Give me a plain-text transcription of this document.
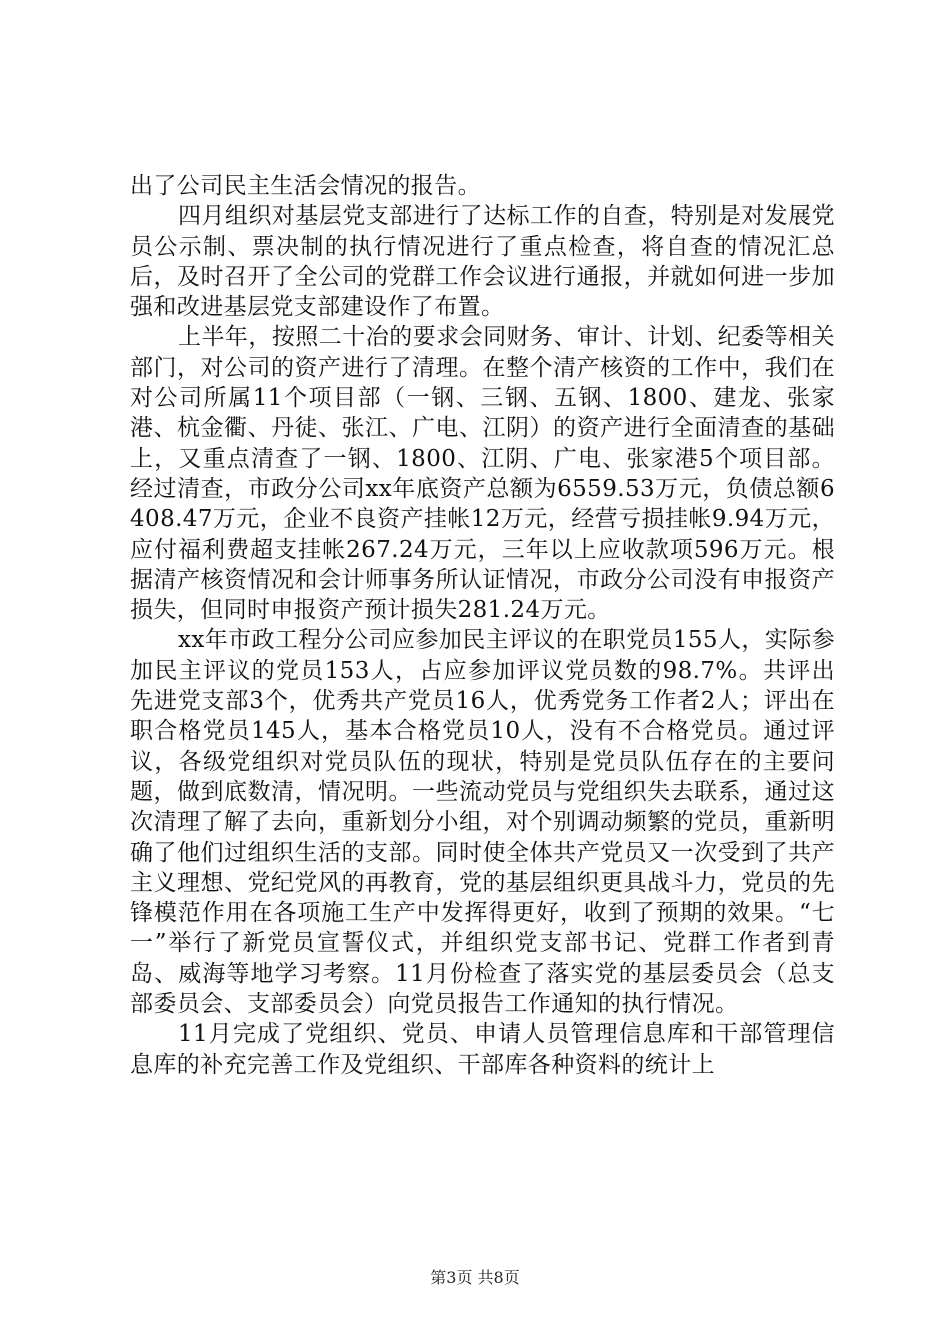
出了公司民主生活会情况的报告。

四月组织对基层党支部进行了达标工作的自查，特别是对发展党员公示制、票决制的执行情况进行了重点检查，将自查的情况汇总后，及时召开了全公司的党群工作会议进行通报，并就如何进一步加强和改进基层党支部建设作了布置。

上半年，按照二十冶的要求会同财务、审计、计划、纪委等相关部门，对公司的资产进行了清理。在整个清产核资的工作中，我们在对公司所属11个项目部（一钢、三钢、五钢、1800、建龙、张家港、杭金衢、丹徒、张江、广电、江阴）的资产进行全面清查的基础上，又重点清查了一钢、1800、江阴、广电、张家港5个项目部。经过清查，市政分公司xx年底资产总额为6559.53万元，负债总额6408.47万元，企业不良资产挂帐12万元，经营亏损挂帐9.94万元，应付福利费超支挂帐267.24万元，三年以上应收款项596万元。根据清产核资情况和会计师事务所认证情况，市政分公司没有申报资产损失，但同时申报资产预计损失281.24万元。

xx年市政工程分公司应参加民主评议的在职党员155人，实际参加民主评议的党员153人，占应参加评议党员数的98.7%。共评出先进党支部3个，优秀共产党员16人，优秀党务工作者2人；评出在职合格党员145人，基本合格党员10人，没有不合格党员。通过评议，各级党组织对党员队伍的现状，特别是党员队伍存在的主要问题，做到底数清，情况明。一些流动党员与党组织失去联系，通过这次清理了解了去向，重新划分小组，对个别调动频繁的党员，重新明确了他们过组织生活的支部。同时使全体共产党员又一次受到了共产主义理想、党纪党风的再教育，党的基层组织更具战斗力，党员的先锋模范作用在各项施工生产中发挥得更好，收到了预期的效果。“七一”举行了新党员宣誓仪式，并组织党支部书记、党群工作者到青岛、威海等地学习考察。11月份检查了落实党的基层委员会（总支部委员会、支部委员会）向党员报告工作通知的执行情况。

11月完成了党组织、党员、申请人员管理信息库和干部管理信息库的补充完善工作及党组织、干部库各种资料的统计上

第3页 共8页
